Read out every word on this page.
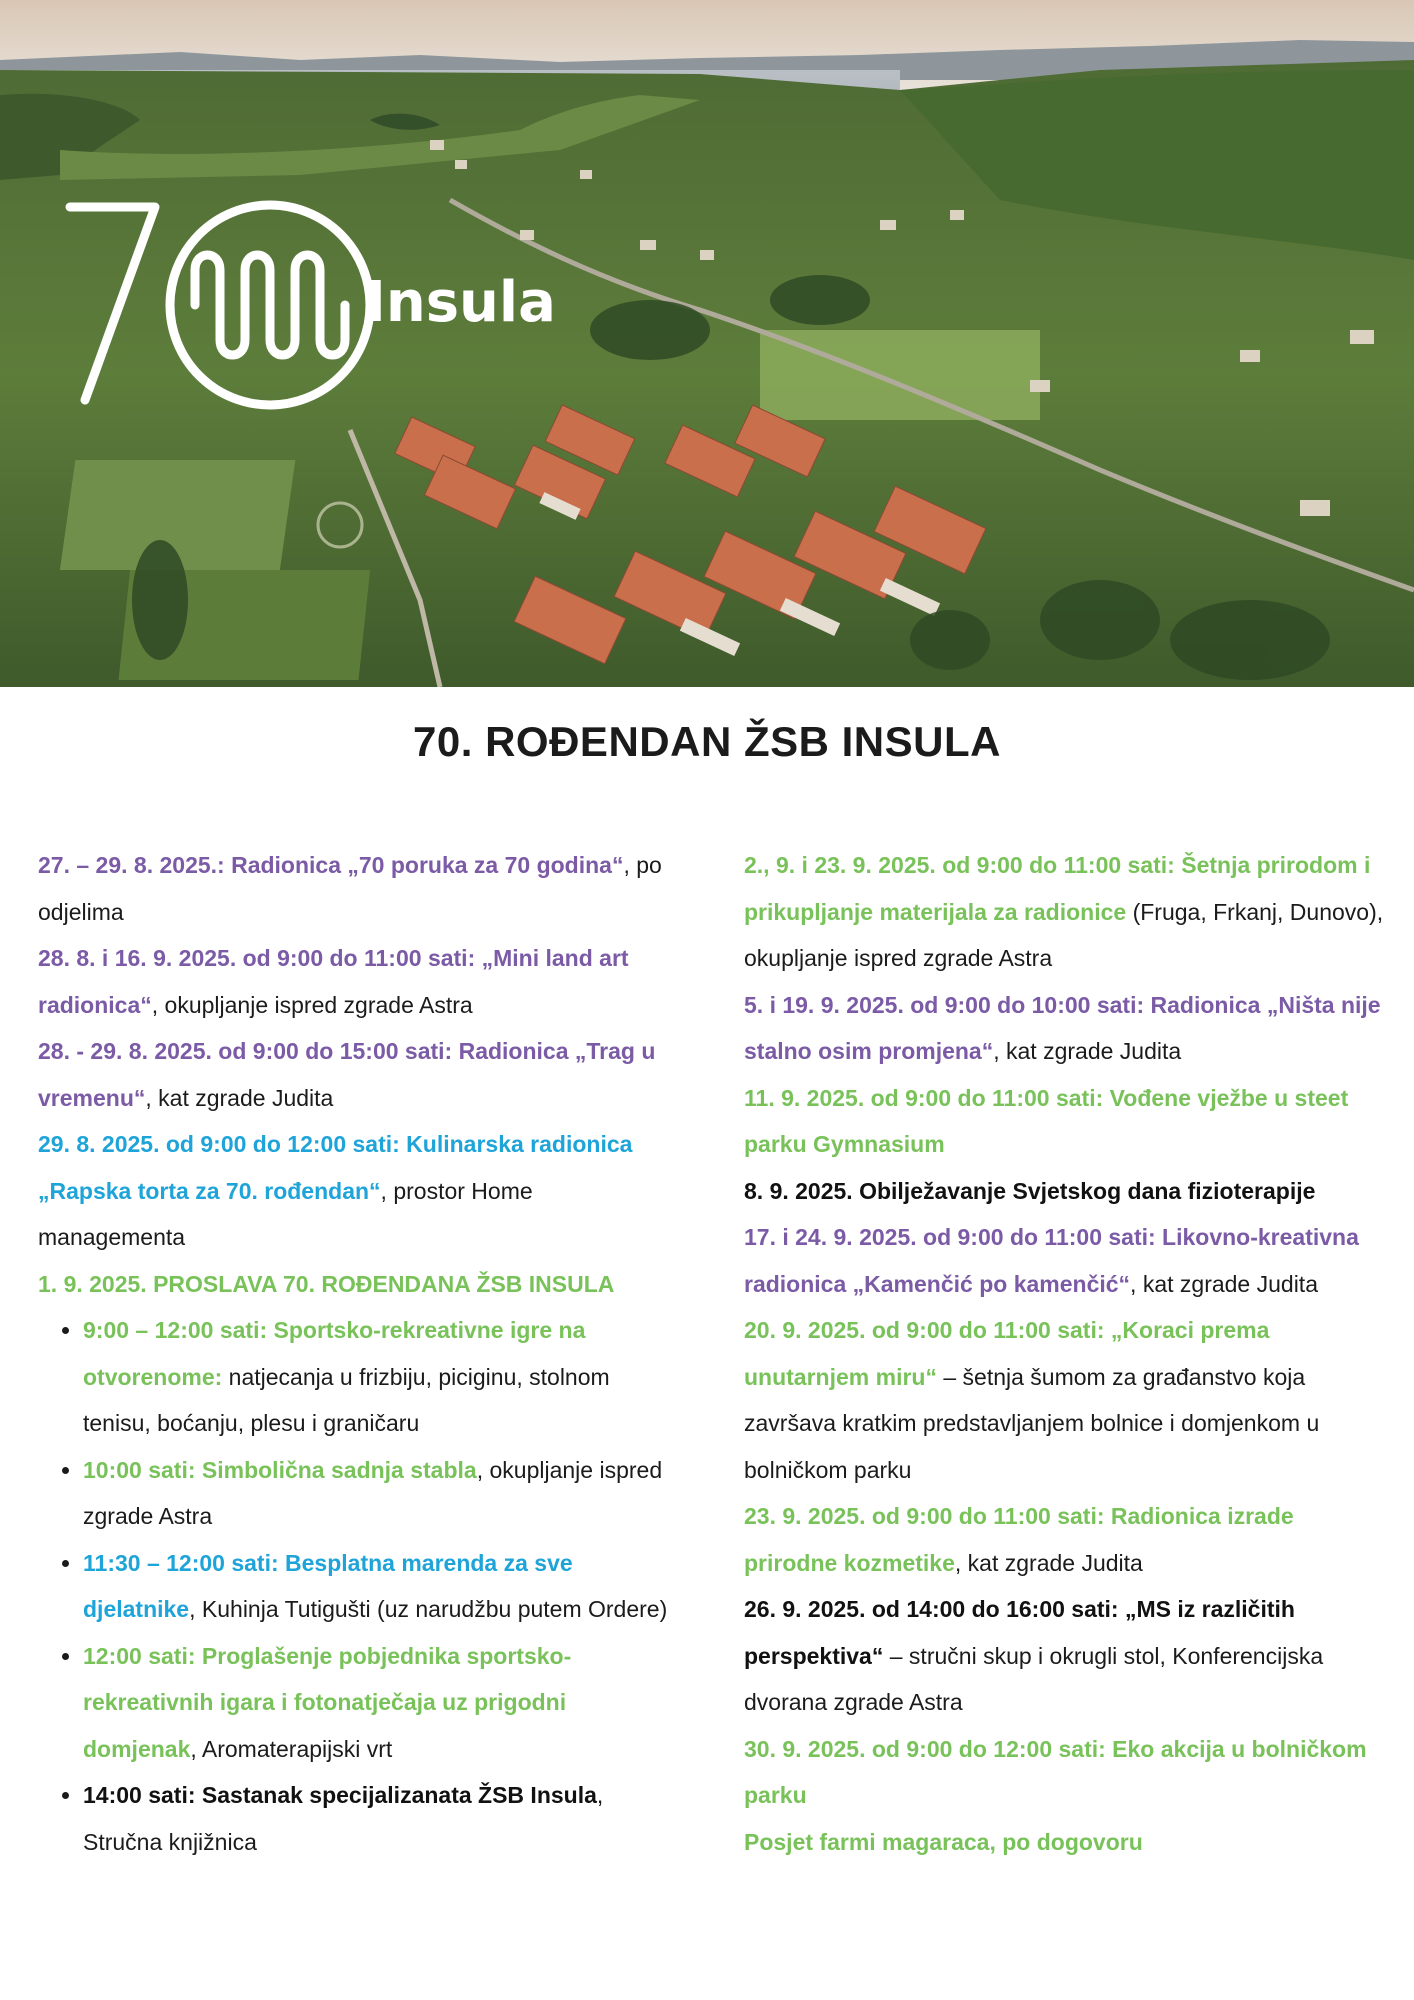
Insula
70. ROĐENDAN ŽSB INSULA

27. – 29. 8. 2025.: Radionica „70 poruka za 70 godina“, po odjelima

28. 8. i 16. 9. 2025. od 9:00 do 11:00 sati: „Mini land art radionica“, okupljanje ispred zgrade Astra

28. - 29. 8. 2025. od 9:00 do 15:00 sati: Radionica „Trag u vremenu“, kat zgrade Judita

29. 8. 2025. od 9:00 do 12:00 sati: Kulinarska radionica „Rapska torta za 70. rođendan“, prostor Home managementa

1. 9. 2025. PROSLAVA 70. ROĐENDANA ŽSB INSULA

• 9:00 – 12:00 sati: Sportsko-rekreativne igre na otvorenome: natjecanja u frizbiju, piciginu, stolnom tenisu, boćanju, plesu i graničaru
• 10:00 sati: Simbolična sadnja stabla, okupljanje ispred zgrade Astra
• 11:30 – 12:00 sati: Besplatna marenda za sve djelatnike, Kuhinja Tutigušti (uz narudžbu putem Ordere)
• 12:00 sati: Proglašenje pobjednika sportsko-rekreativnih igara i fotonatječaja uz prigodni domjenak, Aromaterapijski vrt
• 14:00 sati: Sastanak specijalizanata ŽSB Insula, Stručna knjižnica

2., 9. i 23. 9. 2025. od 9:00 do 11:00 sati: Šetnja prirodom i prikupljanje materijala za radionice (Fruga, Frkanj, Dunovo), okupljanje ispred zgrade Astra

5. i 19. 9. 2025. od 9:00 do 10:00 sati: Radionica „Ništa nije stalno osim promjena“, kat zgrade Judita

11. 9. 2025. od 9:00 do 11:00 sati: Vođene vježbe u steet parku Gymnasium

8. 9. 2025. Obilježavanje Svjetskog dana fizioterapije

17. i 24. 9. 2025. od 9:00 do 11:00 sati: Likovno-kreativna radionica „Kamenčić po kamenčić“, kat zgrade Judita

20. 9. 2025. od 9:00 do 11:00 sati: „Koraci prema unutarnjem miru“ – šetnja šumom za građanstvo koja završava kratkim predstavljanjem bolnice i domjenkom u bolničkom parku

23. 9. 2025. od 9:00 do 11:00 sati: Radionica izrade prirodne kozmetike, kat zgrade Judita

26. 9. 2025. od 14:00 do 16:00 sati: „MS iz različitih perspektiva“ – stručni skup i okrugli stol, Konferencijska dvorana zgrade Astra

30. 9. 2025. od 9:00 do 12:00 sati: Eko akcija u bolničkom parku

Posjet farmi magaraca, po dogovoru
